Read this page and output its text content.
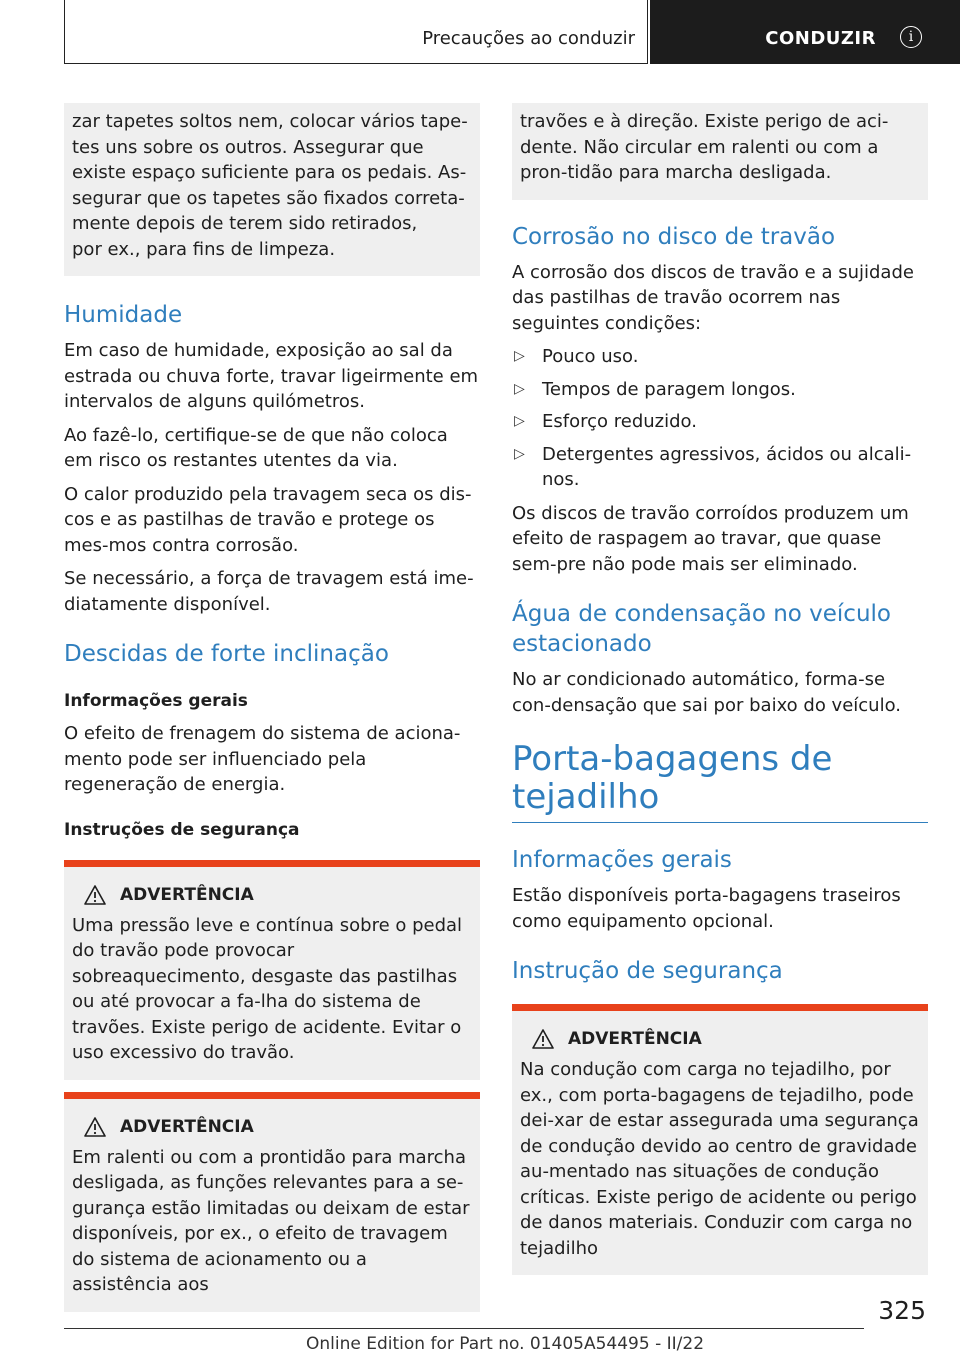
Precauções ao conduzir	CONDUZIR	i

zar tapetes soltos nem, colocar vários tape-

tes uns sobre os outros. Assegurar que

existe espaço suficiente para os pedais. As-

segurar que os tapetes são fixados correta-

mente depois de terem sido retirados,

por ex., para fins de limpeza.

Humidade

Em caso de humidade, exposição ao sal da estrada ou chuva forte, travar ligeirmente em intervalos de alguns quilómetros.

Ao fazê-lo, certifique-se de que não coloca em risco os restantes utentes da via.

O calor produzido pela travagem seca os dis-cos e as pastilhas de travão e protege os mes-mos contra corrosão.

Se necessário, a força de travagem está ime-diatamente disponível.

Descidas de forte inclinação
Informações gerais

O efeito de frenagem do sistema de aciona-mento pode ser influenciado pela regeneração de energia.

Instruções de segurança
ADVERTÊNCIA

Uma pressão leve e contínua sobre o pedal do travão pode provocar sobreaquecimento, desgaste das pastilhas ou até provocar a fa-lha do sistema de travões. Existe perigo de acidente. Evitar o uso excessivo do travão.

ADVERTÊNCIA

Em ralenti ou com a prontidão para marcha desligada, as funções relevantes para a se-gurança estão limitadas ou deixam de estar disponíveis, por ex., o efeito de travagem do sistema de acionamento ou a assistência aos

travões e à direção. Existe perigo de aci-dente. Não circular em ralenti ou com a pron-tidão para marcha desligada.

Corrosão no disco de travão

A corrosão dos discos de travão e a sujidade das pastilhas de travão ocorrem nas seguintes condições:

▷ Pouco uso.
▷ Tempos de paragem longos.
▷ Esforço reduzido.
▷ Detergentes agressivos, ácidos ou alcali-nos.

Os discos de travão corroídos produzem um efeito de raspagem ao travar, que quase sem-pre não pode mais ser eliminado.

Água de condensação no veículo estacionado

No ar condicionado automático, forma-se con-densação que sai por baixo do veículo.

Porta-bagagens de tejadilho
Informações gerais

Estão disponíveis porta-bagagens traseiros como equipamento opcional.

Instrução de segurança
ADVERTÊNCIA

Na condução com carga no tejadilho, por ex., com porta-bagagens de tejadilho, pode dei-xar de estar assegurada uma segurança de condução devido ao centro de gravidade au-mentado nas situações de condução críticas. Existe perigo de acidente ou perigo de danos materiais. Conduzir com carga no tejadilho

325
Online Edition for Part no. 01405A54495 - II/22
